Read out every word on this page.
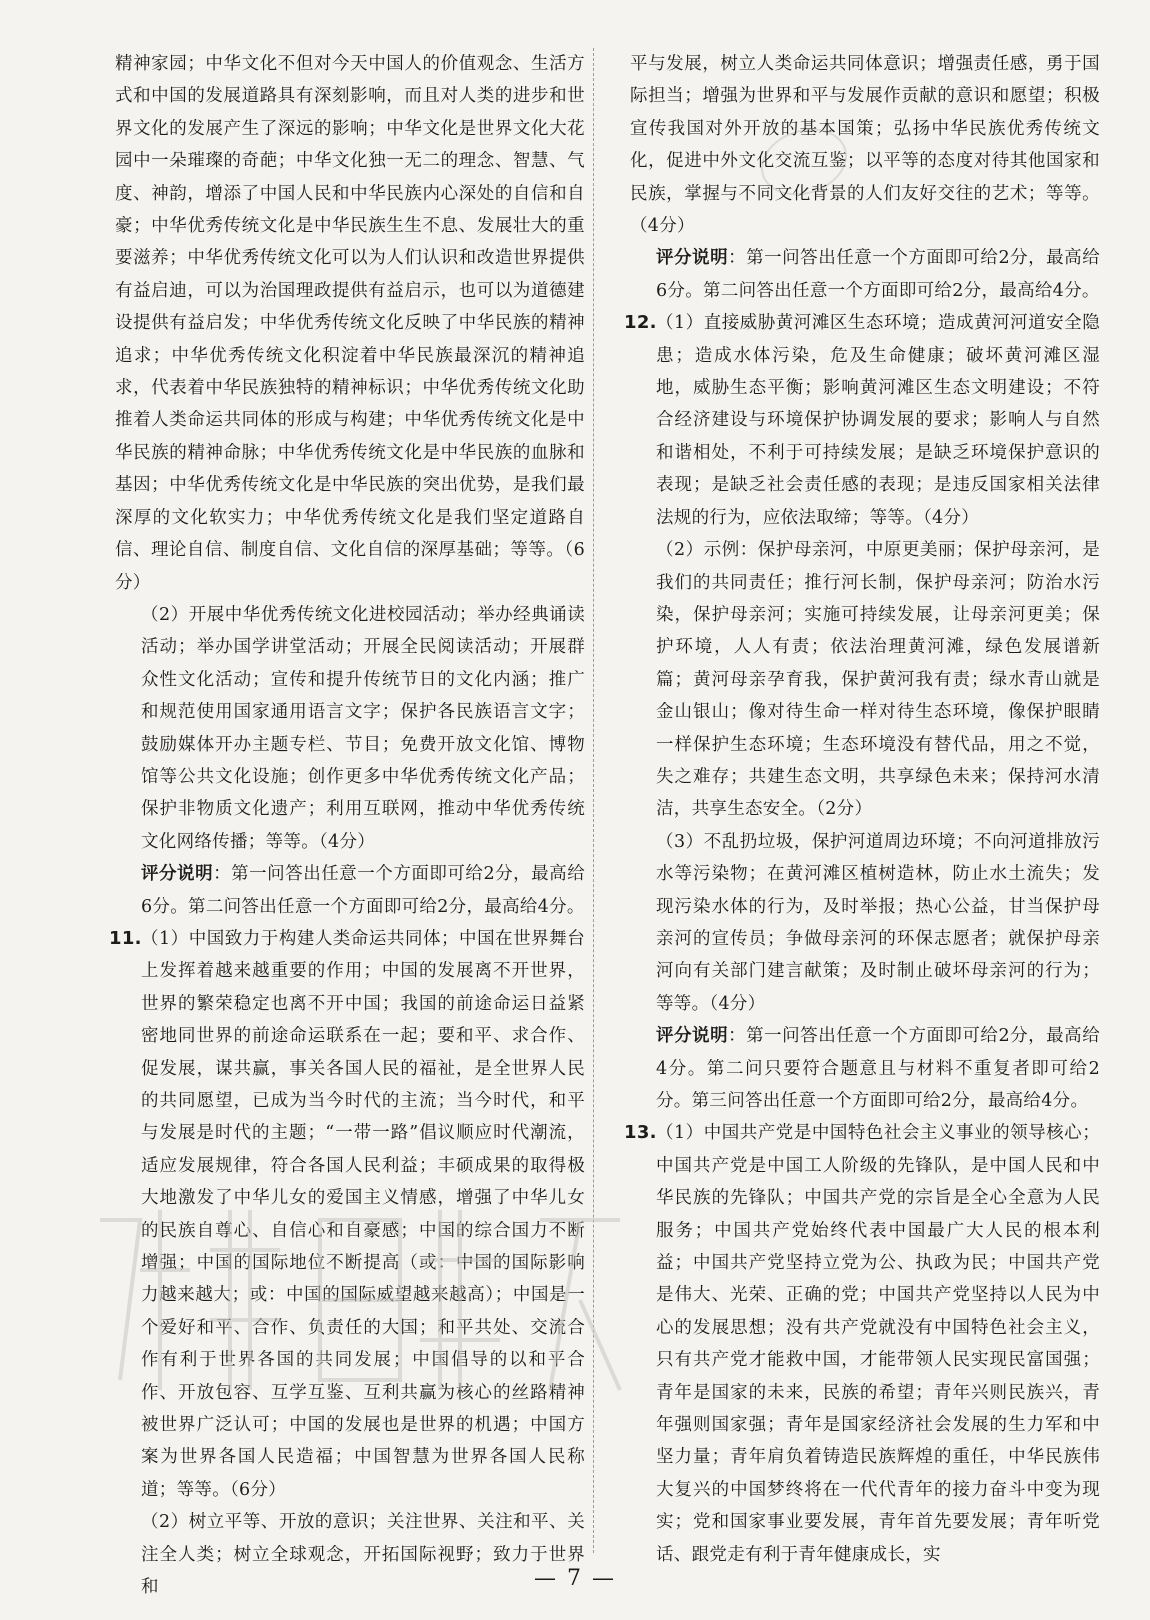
精神家园；中华文化不但对今天中国人的价值观念、生活方式和中国的发展道路具有深刻影响，而且对人类的进步和世界文化的发展产生了深远的影响；中华文化是世界文化大花园中一朵璀璨的奇葩；中华文化独一无二的理念、智慧、气度、神韵，增添了中国人民和中华民族内心深处的自信和自豪；中华优秀传统文化是中华民族生生不息、发展壮大的重要滋养；中华优秀传统文化可以为人们认识和改造世界提供有益启迪，可以为治国理政提供有益启示，也可以为道德建设提供有益启发；中华优秀传统文化反映了中华民族的精神追求；中华优秀传统文化积淀着中华民族最深沉的精神追求，代表着中华民族独特的精神标识；中华优秀传统文化助推着人类命运共同体的形成与构建；中华优秀传统文化是中华民族的精神命脉；中华优秀传统文化是中华民族的血脉和基因；中华优秀传统文化是中华民族的突出优势，是我们最深厚的文化软实力；中华优秀传统文化是我们坚定道路自信、理论自信、制度自信、文化自信的深厚基础；等等。（6分）

（2）开展中华优秀传统文化进校园活动；举办经典诵读活动；举办国学讲堂活动；开展全民阅读活动；开展群众性文化活动；宣传和提升传统节日的文化内涵；推广和规范使用国家通用语言文字；保护各民族语言文字；鼓励媒体开办主题专栏、节目；免费开放文化馆、博物馆等公共文化设施；创作更多中华优秀传统文化产品；保护非物质文化遗产；利用互联网，推动中华优秀传统文化网络传播；等等。（4分）

评分说明：第一问答出任意一个方面即可给2分，最高给6分。第二问答出任意一个方面即可给2分，最高给4分。

11. （1）中国致力于构建人类命运共同体；中国在世界舞台上发挥着越来越重要的作用；中国的发展离不开世界，世界的繁荣稳定也离不开中国；我国的前途命运日益紧密地同世界的前途命运联系在一起；要和平、求合作、促发展，谋共赢，事关各国人民的福祉，是全世界人民的共同愿望，已成为当今时代的主流；当今时代，和平与发展是时代的主题；“一带一路”倡议顺应时代潮流，适应发展规律，符合各国人民利益；丰硕成果的取得极大地激发了中华儿女的爱国主义情感，增强了中华儿女的民族自尊心、自信心和自豪感；中国的综合国力不断增强；中国的国际地位不断提高（或：中国的国际影响力越来越大；或：中国的国际威望越来越高）；中国是一个爱好和平、合作、负责任的大国；和平共处、交流合作有利于世界各国的共同发展；中国倡导的以和平合作、开放包容、互学互鉴、互利共赢为核心的丝路精神被世界广泛认可；中国的发展也是世界的机遇；中国方案为世界各国人民造福；中国智慧为世界各国人民称道；等等。（6分）

（2）树立平等、开放的意识；关注世界、关注和平、关注全人类；树立全球观念，开拓国际视野；致力于世界和

平与发展，树立人类命运共同体意识；增强责任感，勇于国际担当；增强为世界和平与发展作贡献的意识和愿望；积极宣传我国对外开放的基本国策；弘扬中华民族优秀传统文化，促进中外文化交流互鉴；以平等的态度对待其他国家和民族，掌握与不同文化背景的人们友好交往的艺术；等等。（4分）

评分说明：第一问答出任意一个方面即可给2分，最高给6分。第二问答出任意一个方面即可给2分，最高给4分。

12. （1）直接威胁黄河滩区生态环境；造成黄河河道安全隐患；造成水体污染，危及生命健康；破坏黄河滩区湿地，威胁生态平衡；影响黄河滩区生态文明建设；不符合经济建设与环境保护协调发展的要求；影响人与自然和谐相处，不利于可持续发展；是缺乏环境保护意识的表现；是缺乏社会责任感的表现；是违反国家相关法律法规的行为，应依法取缔；等等。（4分）

（2）示例：保护母亲河，中原更美丽；保护母亲河，是我们的共同责任；推行河长制，保护母亲河；防治水污染，保护母亲河；实施可持续发展，让母亲河更美；保护环境，人人有责；依法治理黄河滩，绿色发展谱新篇；黄河母亲孕育我，保护黄河我有责；绿水青山就是金山银山；像对待生命一样对待生态环境，像保护眼睛一样保护生态环境；生态环境没有替代品，用之不觉，失之难存；共建生态文明，共享绿色未来；保持河水清洁，共享生态安全。（2分）

（3）不乱扔垃圾，保护河道周边环境；不向河道排放污水等污染物；在黄河滩区植树造林，防止水土流失；发现污染水体的行为，及时举报；热心公益，甘当保护母亲河的宣传员；争做母亲河的环保志愿者；就保护母亲河向有关部门建言献策；及时制止破坏母亲河的行为；等等。（4分）

评分说明：第一问答出任意一个方面即可给2分，最高给4分。第二问只要符合题意且与材料不重复者即可给2分。第三问答出任意一个方面即可给2分，最高给4分。

13. （1）中国共产党是中国特色社会主义事业的领导核心；中国共产党是中国工人阶级的先锋队，是中国人民和中华民族的先锋队；中国共产党的宗旨是全心全意为人民服务；中国共产党始终代表中国最广大人民的根本利益；中国共产党坚持立党为公、执政为民；中国共产党是伟大、光荣、正确的党；中国共产党坚持以人民为中心的发展思想；没有共产党就没有中国特色社会主义，只有共产党才能救中国，才能带领人民实现民富国强；青年是国家的未来，民族的希望；青年兴则民族兴，青年强则国家强；青年是国家经济社会发展的生力军和中坚力量；青年肩负着铸造民族辉煌的重任，中华民族伟大复兴的中国梦终将在一代代青年的接力奋斗中变为现实；党和国家事业要发展，青年首先要发展；青年听党话、跟党走有利于青年健康成长，实

— 7 —
